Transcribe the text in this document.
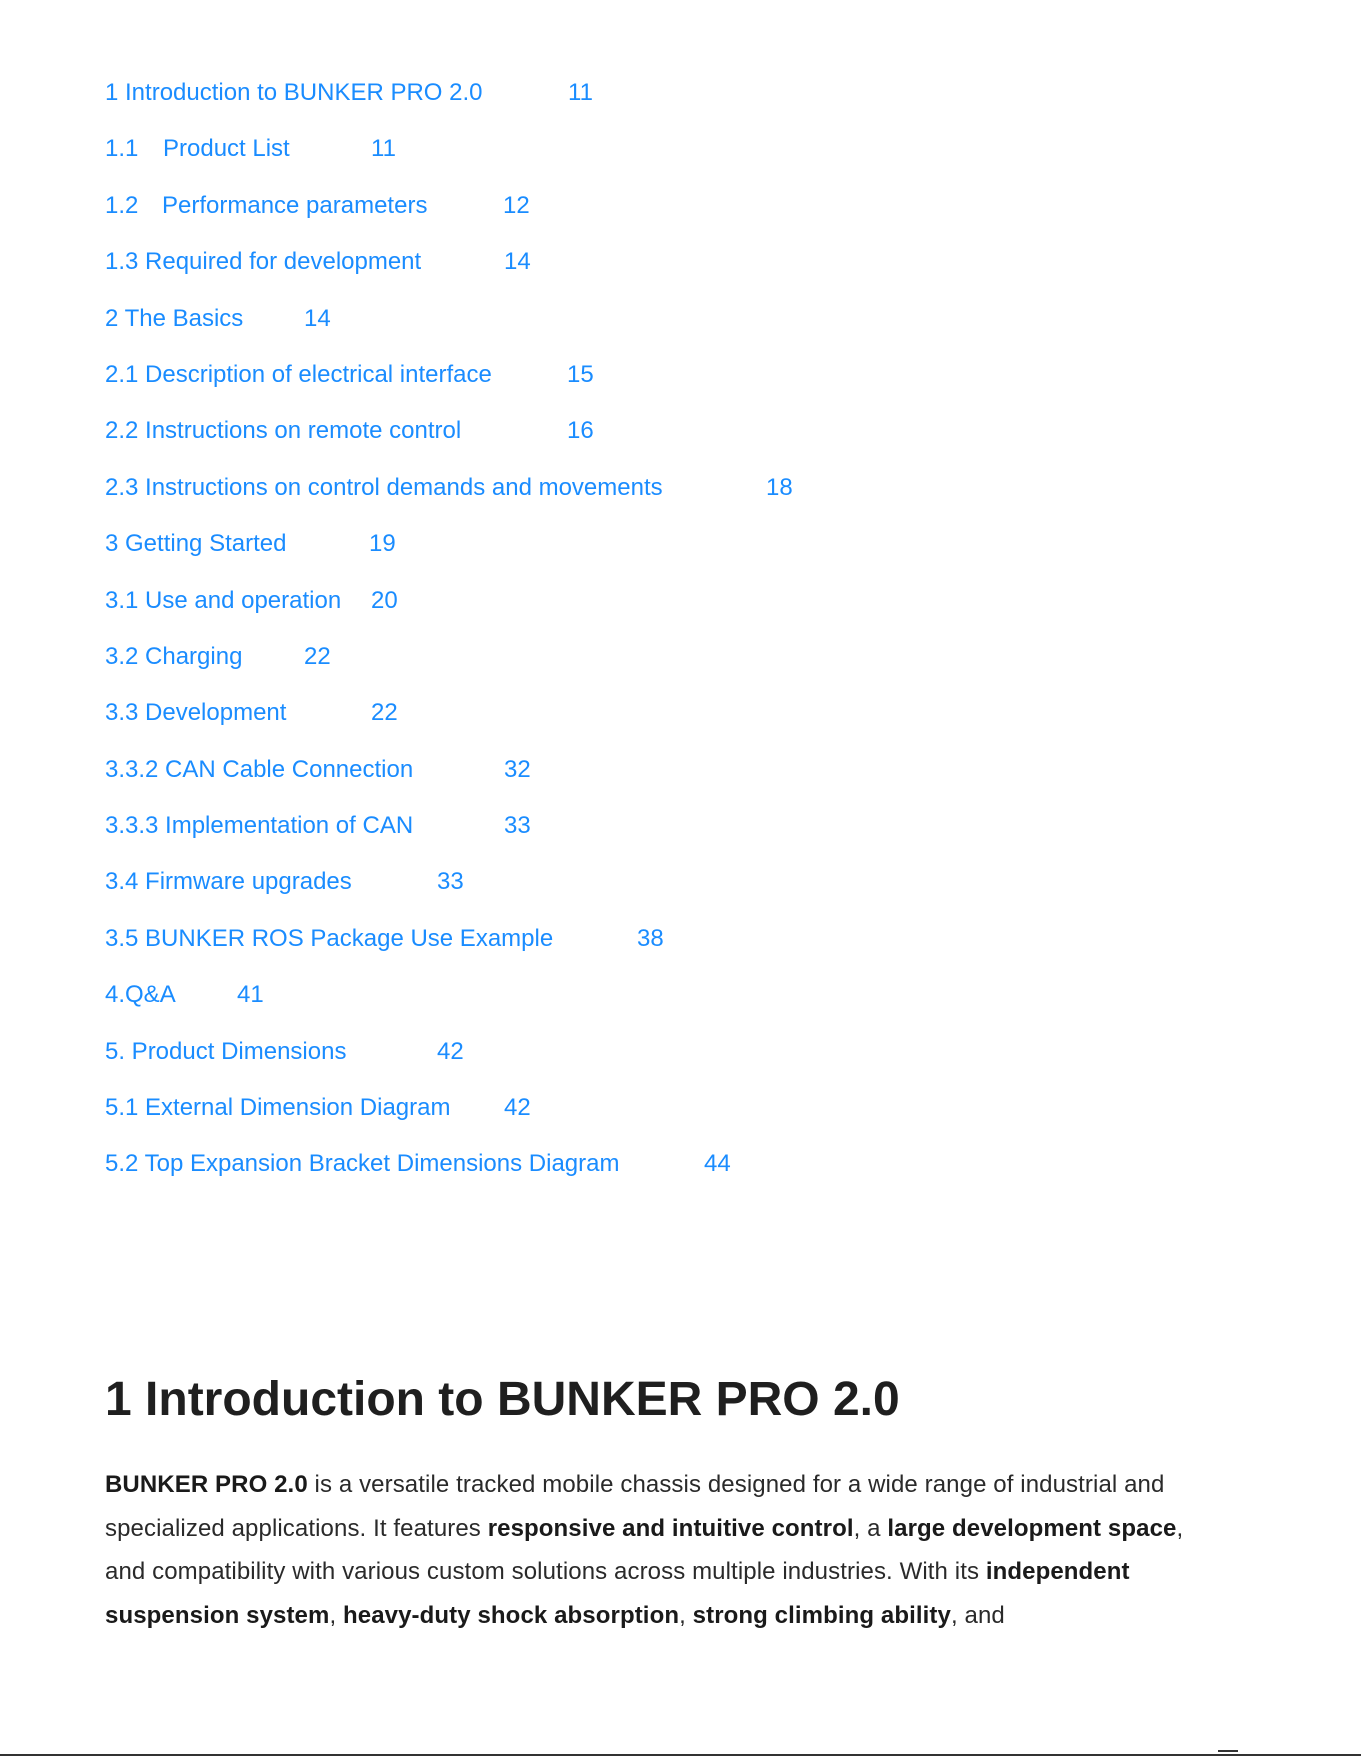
1 Introduction to BUNKER PRO 2.0	11
1.1 Product List	11
1.2 Performance parameters	12
1.3 Required for development	14
2 The Basics	14
2.1 Description of electrical interface	15
2.2 Instructions on remote control	16
2.3 Instructions on control demands and movements	18
3 Getting Started	19
3.1 Use and operation 20
3.2 Charging	22
3.3 Development	22
3.3.2 CAN Cable Connection	32
3.3.3 Implementation of CAN	33
3.4 Firmware upgrades	33
3.5 BUNKER ROS Package Use Example	38
4.Q&A	41
5. Product Dimensions	42
5.1 External Dimension Diagram 42
5.2 Top Expansion Bracket Dimensions Diagram	44
1 Introduction to BUNKER PRO 2.0

BUNKER PRO 2.0 is a versatile tracked mobile chassis designed for a wide range of industrial and specialized applications. It features responsive and intuitive control, a large development space, and compatibility with various custom solutions across multiple industries. With its independent suspension system, heavy-duty shock absorption, strong climbing ability, and
